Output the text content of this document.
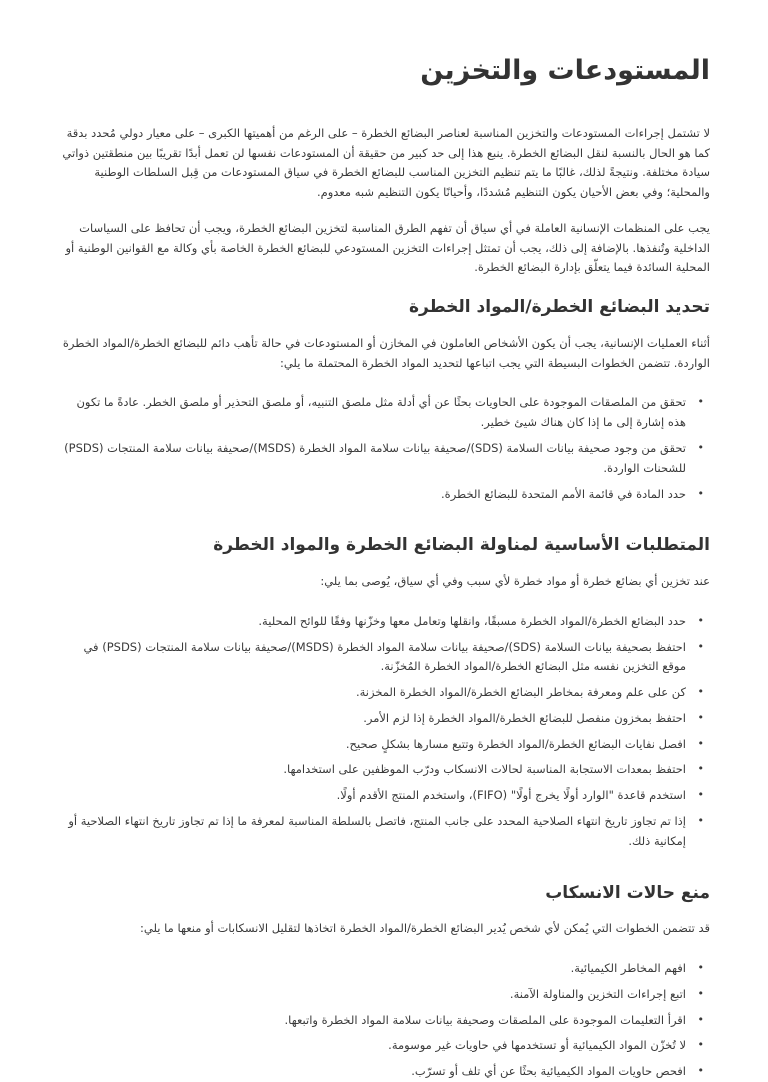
المستودعات والتخزين

لا تشتمل إجراءات المستودعات والتخزين المناسبة لعناصر البضائع الخطرة – على الرغم من أهميتها الكبرى – على معيار دولي مُحدد بدقة كما هو الحال بالنسبة لنقل البضائع الخطرة. ينبع هذا إلى حد كبير من حقيقة أن المستودعات نفسها لن تعمل أبدًا تقريبًا بين منطقتين ذواتي سيادة مختلفة. ونتيجةً لذلك، غالبًا ما يتم تنظيم التخزين المناسب للبضائع الخطرة في سياق المستودعات من قِبل السلطات الوطنية والمحلية؛ وفي بعض الأحيان يكون التنظيم مُشددًا، وأحيانًا يكون التنظيم شبه معدوم.

يجب على المنظمات الإنسانية العاملة في أي سياق أن تفهم الطرق المناسبة لتخزين البضائع الخطرة، ويجب أن تحافظ على السياسات الداخلية وتُنفذها. بالإضافة إلى ذلك، يجب أن تمتثل إجراءات التخزين المستودعي للبضائع الخطرة الخاصة بأي وكالة مع القوانين الوطنية أو المحلية السائدة فيما يتعلّق بإدارة البضائع الخطرة.

تحديد البضائع الخطرة/المواد الخطرة

أثناء العمليات الإنسانية، يجب أن يكون الأشخاص العاملون في المخازن أو المستودعات في حالة تأهب دائم للبضائع الخطرة/المواد الخطرة الواردة. تتضمن الخطوات البسيطة التي يجب اتباعها لتحديد المواد الخطرة المحتملة ما يلي:

•
تحقق من الملصقات الموجودة على الحاويات بحثًا عن أي أدلة مثل ملصق التنبيه، أو ملصق التحذير أو ملصق الخطر. عادةً ما تكون هذه إشارة إلى ما إذا كان هناك شيئ خطير.
•
تحقق من وجود صحيفة بيانات السلامة (SDS)/صحيفة بيانات سلامة المواد الخطرة (MSDS)/صحيفة بيانات سلامة المنتجات (PSDS) للشحنات الواردة.
•
حدد المادة في قائمة الأمم المتحدة للبضائع الخطرة.
المتطلبات الأساسية لمناولة البضائع الخطرة والمواد الخطرة

عند تخزين أي بضائع خطرة أو مواد خطرة لأي سبب وفي أي سياق، يُوصى بما يلي:

•
حدد البضائع الخطرة/المواد الخطرة مسبقًا، وانقلها وتعامل معها وخزّنها وفقًا للوائح المحلية.
•
احتفظ بصحيفة بيانات السلامة (SDS)/صحيفة بيانات سلامة المواد الخطرة (MSDS)/صحيفة بيانات سلامة المنتجات (PSDS) في موقع التخزين نفسه مثل البضائع الخطرة/المواد الخطرة المُخزّنة.
•
كن على علم ومعرفة بمخاطر البضائع الخطرة/المواد الخطرة المخزنة.
•
احتفظ بمخزون منفصل للبضائع الخطرة/المواد الخطرة إذا لزم الأمر.
•
افصل نفايات البضائع الخطرة/المواد الخطرة وتتبع مسارها بشكلٍ صحيح.
•
احتفظ بمعدات الاستجابة المناسبة لحالات الانسكاب ودرّب الموظفين على استخدامها.
•
استخدم قاعدة "الوارد أولًا يخرج أولًا" (FIFO)، واستخدم المنتج الأقدم أولًا.
•
إذا تم تجاوز تاريخ انتهاء الصلاحية المحدد على جانب المنتج، فاتصل بالسلطة المناسبة لمعرفة ما إذا تم تجاوز تاريخ انتهاء الصلاحية أو إمكانية ذلك.
منع حالات الانسكاب

قد تتضمن الخطوات التي يُمكن لأي شخص يُدير البضائع الخطرة/المواد الخطرة اتخاذها لتقليل الانسكابات أو منعها ما يلي:

•
افهم المخاطر الكيميائية.
•
اتبع إجراءات التخزين والمناولة الآمنة.
•
اقرأ التعليمات الموجودة على الملصقات وصحيفة بيانات سلامة المواد الخطرة واتبعها.
•
لا تُخزّن المواد الكيميائية أو تستخدمها في حاويات غير موسومة.
•
افحص حاويات المواد الكيميائية بحثًا عن أي تلف أو تسرّب.
